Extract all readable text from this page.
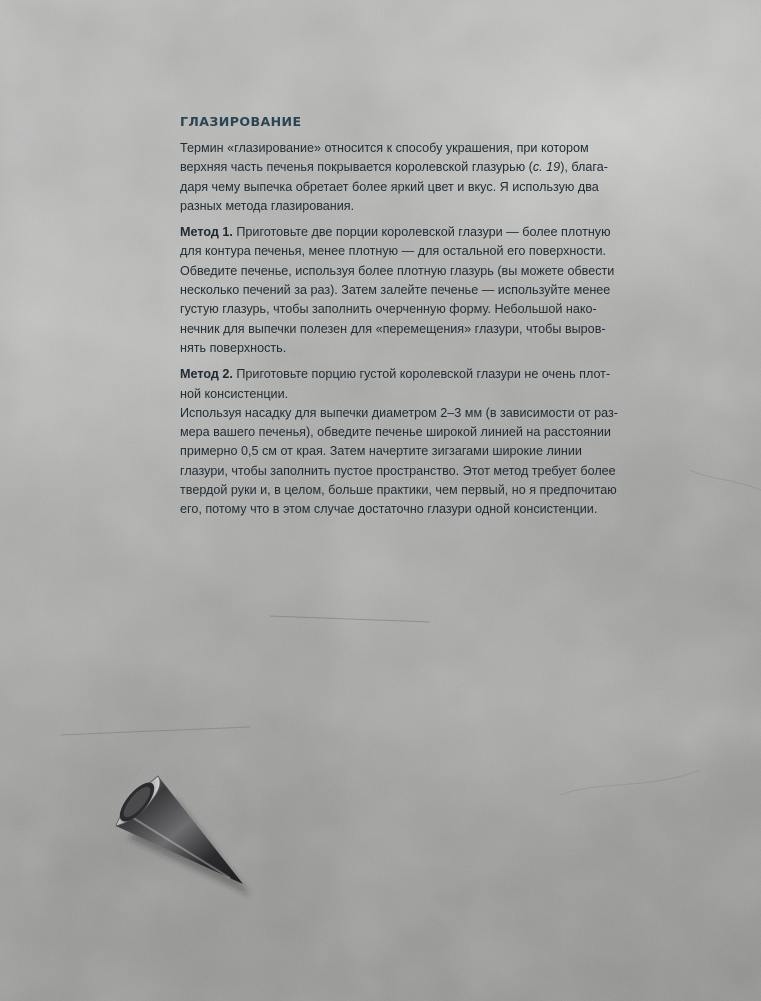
ГЛАЗИРОВАНИЕ
Термин «глазирование» относится к способу украшения, при котором
верхняя часть печенья покрывается королевской глазурью (с. 19), блага-
даря чему выпечка обретает более яркий цвет и вкус. Я использую два
разных метода глазирования.
Метод 1. Приготовьте две порции королевской глазури — более плотную
для контура печенья, менее плотную — для остальной его поверхности.
Обведите печенье, используя более плотную глазурь (вы можете обвести
несколько печений за раз). Затем залейте печенье — используйте менее
густую глазурь, чтобы заполнить очерченную форму. Небольшой нако-
нечник для выпечки полезен для «перемещения» глазури, чтобы выров-
нять поверхность.
Метод 2. Приготовьте порцию густой королевской глазури не очень плот-
ной консистенции.
Используя насадку для выпечки диаметром 2–3 мм (в зависимости от раз-
мера вашего печенья), обведите печенье широкой линией на расстоянии
примерно 0,5 см от края. Затем начертите зигзагами широкие линии
глазури, чтобы заполнить пустое пространство. Этот метод требует более
твердой руки и, в целом, больше практики, чем первый, но я предпочитаю
его, потому что в этом случае достаточно глазури одной консистенции.
